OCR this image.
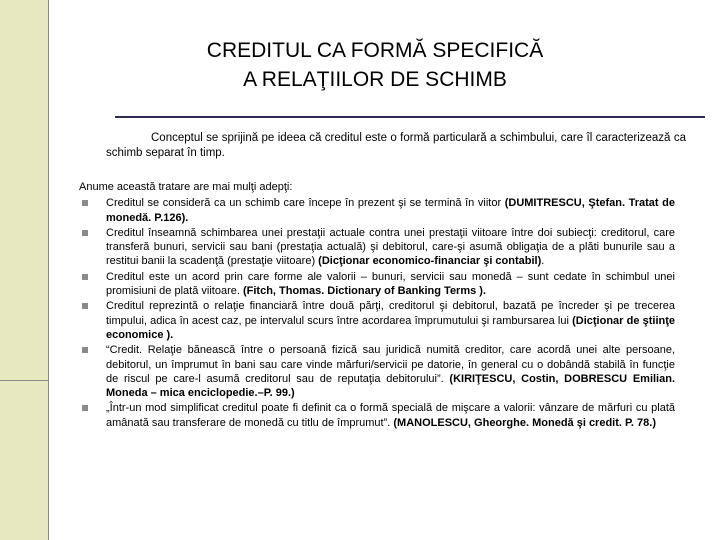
CREDITUL CA FORMĂ SPECIFICĂ
A RELAŢIILOR DE SCHIMB
Conceptul se sprijină pe ideea că creditul este o formă particulară a schimbului, care îl caracterizează ca schimb separat în timp.

Anume această tratare are mai mulţi adepţi:

Creditul se consideră ca un schimb care începe în prezent şi se termină în viitor (DUMITRESCU, Ştefan. Tratat de monedă. P.126).
Creditul înseamnă schimbarea unei prestaţii actuale contra unei prestaţii viitoare între doi subiecţi: creditorul, care transferă bunuri, servicii sau bani (prestaţia actuală) şi debitorul, care-şi asumă obligaţia de a plăti bunurile sau a restitui banii la scadenţă (prestaţie viitoare) (Dicţionar economico-financiar şi contabil).
Creditul este un acord prin care forme ale valorii – bunuri, servicii sau monedă – sunt cedate în schimbul unei promisiuni de plată viitoare. (Fitch, Thomas. Dictionary of Banking Terms ).
Creditul reprezintă o relaţie financiară între două părţi, creditorul şi debitorul, bazată pe încreder şi pe trecerea timpului, adica în acest caz, pe intervalul scurs între acordarea împrumutului şi rambursarea lui (Dicţionar de ştiinţe economice ).
“Credit. Relaţie bănească între o persoană fizică sau juridică numită creditor, care acordă unei alte persoane, debitorul, un împrumut în bani sau care vinde mărfuri/servicii pe datorie, în general cu o dobândă stabilă în funcţie de riscul pe care-l asumă creditorul sau de reputaţia debitorului”. (KIRIŢESCU, Costin, DOBRESCU Emilian. Moneda – mica enciclopedie.–P. 99.)
„Într-un mod simplificat creditul poate fi definit ca o formă specială de mişcare a valorii: vânzare de mărfuri cu plată amânată sau transferare de monedă cu titlu de împrumut”. (MANOLESCU, Gheorghe. Monedă şi credit. P. 78.)
